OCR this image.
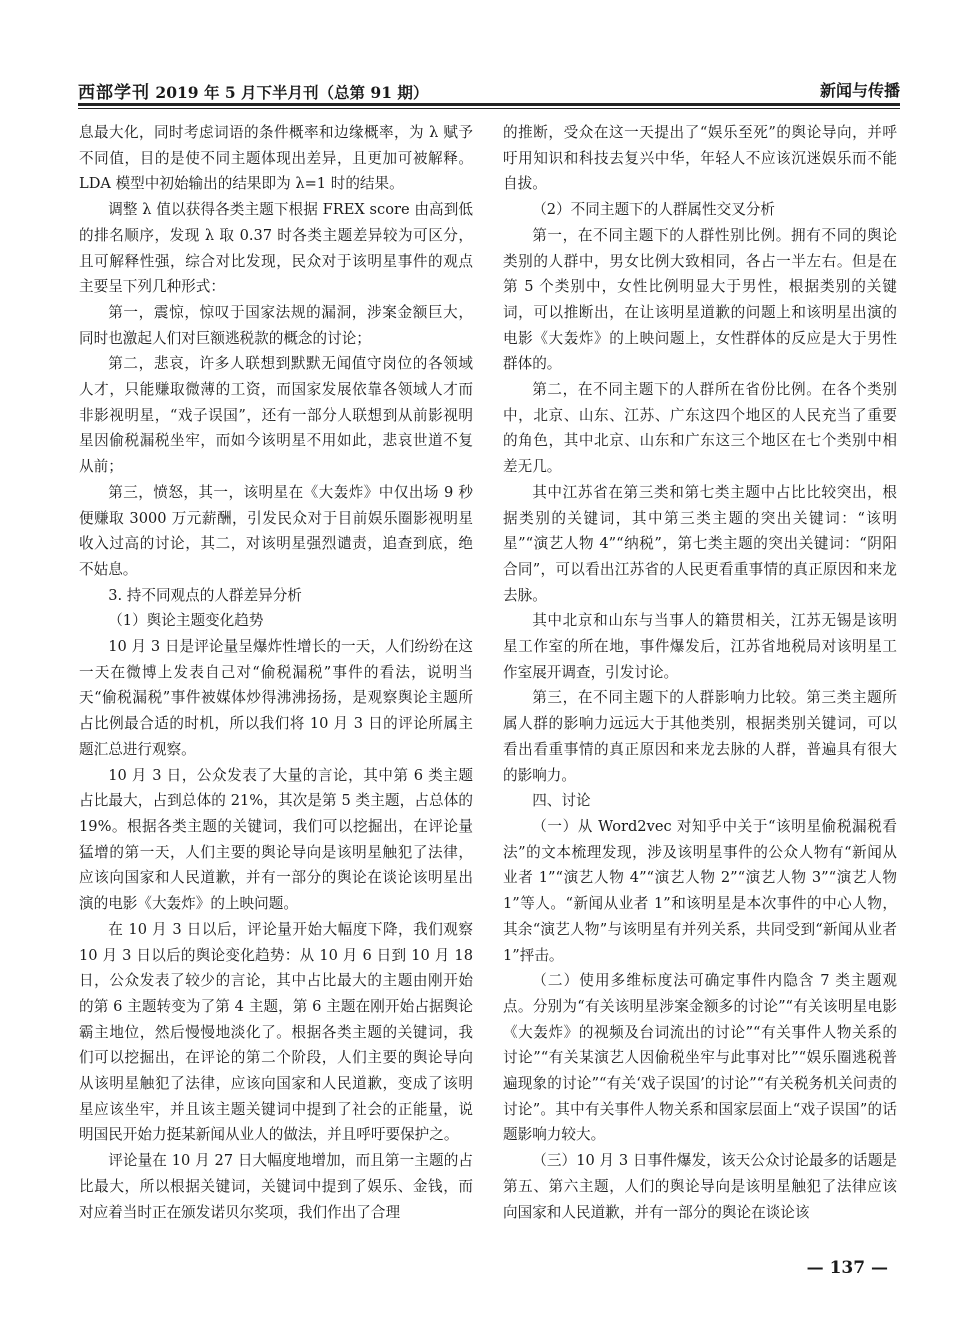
西部学刊 2019 年 5 月下半月刊（总第 91 期）	新闻与传播

息最大化，同时考虑词语的条件概率和边缘概率，为 λ 赋予不同值，目的是使不同主题体现出差异，且更加可被解释。LDA 模型中初始输出的结果即为 λ=1 时的结果。

调整 λ 值以获得各类主题下根据 FREX score 由高到低的排名顺序，发现 λ 取 0.37 时各类主题差异较为可区分，且可解释性强，综合对比发现，民众对于该明星事件的观点主要呈下列几种形式：

第一，震惊，惊叹于国家法规的漏洞，涉案金额巨大，同时也激起人们对巨额逃税款的概念的讨论；

第二，悲哀，许多人联想到默默无闻值守岗位的各领域人才，只能赚取微薄的工资，而国家发展依靠各领域人才而非影视明星，“戏子误国”，还有一部分人联想到从前影视明星因偷税漏税坐牢，而如今该明星不用如此，悲哀世道不复从前；

第三，愤怒，其一，该明星在《大轰炸》中仅出场 9 秒便赚取 3000 万元薪酬，引发民众对于目前娱乐圈影视明星收入过高的讨论，其二，对该明星强烈谴责，追查到底，绝不姑息。

3. 持不同观点的人群差异分析

（1）舆论主题变化趋势

10 月 3 日是评论量呈爆炸性增长的一天，人们纷纷在这一天在微博上发表自己对“偷税漏税”事件的看法，说明当天“偷税漏税”事件被媒体炒得沸沸扬扬，是观察舆论主题所占比例最合适的时机，所以我们将 10 月 3 日的评论所属主题汇总进行观察。

10 月 3 日，公众发表了大量的言论，其中第 6 类主题占比最大，占到总体的 21%，其次是第 5 类主题，占总体的 19%。根据各类主题的关键词，我们可以挖掘出，在评论量猛增的第一天，人们主要的舆论导向是该明星触犯了法律，应该向国家和人民道歉，并有一部分的舆论在谈论该明星出演的电影《大轰炸》的上映问题。

在 10 月 3 日以后，评论量开始大幅度下降，我们观察 10 月 3 日以后的舆论变化趋势：从 10 月 6 日到 10 月 18 日，公众发表了较少的言论，其中占比最大的主题由刚开始的第 6 主题转变为了第 4 主题，第 6 主题在刚开始占据舆论霸主地位，然后慢慢地淡化了。根据各类主题的关键词，我们可以挖掘出，在评论的第二个阶段，人们主要的舆论导向从该明星触犯了法律，应该向国家和人民道歉，变成了该明星应该坐牢，并且该主题关键词中提到了社会的正能量，说明国民开始力挺某新闻从业人的做法，并且呼吁要保护之。

评论量在 10 月 27 日大幅度地增加，而且第一主题的占比最大，所以根据关键词，关键词中提到了娱乐、金钱，而对应着当时正在颁发诺贝尔奖项，我们作出了合理

的推断，受众在这一天提出了“娱乐至死”的舆论导向，并呼吁用知识和科技去复兴中华，年轻人不应该沉迷娱乐而不能自拔。

（2）不同主题下的人群属性交叉分析

第一，在不同主题下的人群性别比例。拥有不同的舆论类别的人群中，男女比例大致相同，各占一半左右。但是在第 5 个类别中，女性比例明显大于男性，根据类别的关键词，可以推断出，在让该明星道歉的问题上和该明星出演的电影《大轰炸》的上映问题上，女性群体的反应是大于男性群体的。

第二，在不同主题下的人群所在省份比例。在各个类别中，北京、山东、江苏、广东这四个地区的人民充当了重要的角色，其中北京、山东和广东这三个地区在七个类别中相差无几。

其中江苏省在第三类和第七类主题中占比比较突出，根据类别的关键词，其中第三类主题的突出关键词：“该明星”“演艺人物 4”“纳税”，第七类主题的突出关键词：“阴阳合同”，可以看出江苏省的人民更看重事情的真正原因和来龙去脉。

其中北京和山东与当事人的籍贯相关，江苏无锡是该明星工作室的所在地，事件爆发后，江苏省地税局对该明星工作室展开调查，引发讨论。

第三，在不同主题下的人群影响力比较。第三类主题所属人群的影响力远远大于其他类别，根据类别关键词，可以看出看重事情的真正原因和来龙去脉的人群，普遍具有很大的影响力。

四、讨论

（一）从 Word2vec 对知乎中关于“该明星偷税漏税看法”的文本梳理发现，涉及该明星事件的公众人物有“新闻从业者 1”“演艺人物 4”“演艺人物 2”“演艺人物 3”“演艺人物 1”等人。“新闻从业者 1”和该明星是本次事件的中心人物，其余“演艺人物”与该明星有并列关系，共同受到“新闻从业者 1”抨击。

（二）使用多维标度法可确定事件内隐含 7 类主题观点。分别为“有关该明星涉案金额多的讨论”“有关该明星电影《大轰炸》的视频及台词流出的讨论”“有关事件人物关系的讨论”“有关某演艺人因偷税坐牢与此事对比”“娱乐圈逃税普遍现象的讨论”“有关‘戏子误国’的讨论”“有关税务机关问责的讨论”。其中有关事件人物关系和国家层面上“戏子误国”的话题影响力较大。

（三）10 月 3 日事件爆发，该天公众讨论最多的话题是第五、第六主题，人们的舆论导向是该明星触犯了法律应该向国家和人民道歉，并有一部分的舆论在谈论该

— 137 —
